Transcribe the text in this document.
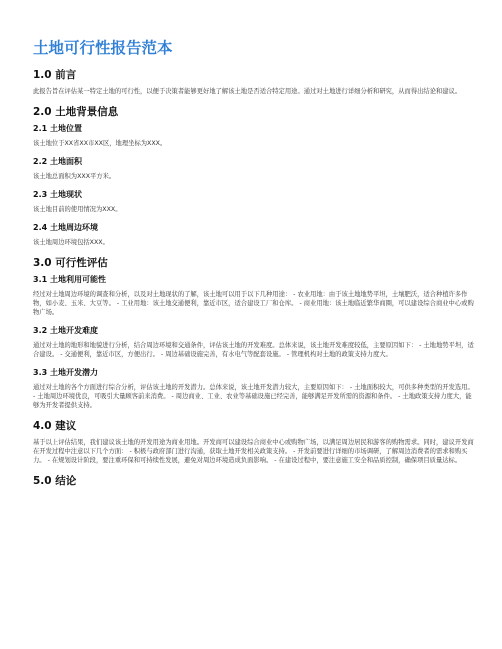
土地可行性报告范本
1.0 前言
此报告旨在评估某一特定土地的可行性，以便于决策者能够更好地了解该土地是否适合特定用途。通过对土地进行详细分析和研究，从而得出结论和建议。
2.0 土地背景信息
2.1 土地位置
该土地位于XX省XX市XX区，地理坐标为XXX。
2.2 土地面积
该土地总面积为XXX平方米。
2.3 土地现状
该土地目前的使用情况为XXX。
2.4 土地周边环境
该土地周边环境包括XXX。
3.0 可行性评估
3.1 土地利用可能性
经过对土地周边环境的调查和分析，以及对土地现状的了解，该土地可以用于以下几种用途： - 农业用地：由于该土地地势平坦，土壤肥沃，适合种植许多作物，如小麦、玉米、大豆等。 - 工业用地：该土地交通便利，靠近市区，适合建设工厂和仓库。 - 商业用地：该土地临近繁华商圈，可以建设综合商业中心或购物广场。
3.2 土地开发难度
通过对土地的地形和地貌进行分析，结合周边环境和交通条件，评估该土地的开发难度。总体来说，该土地开发难度较低，主要原因如下： - 土地地势平坦，适合建设。 - 交通便利，靠近市区，方便出行。 - 周边基础设施完善，有水电气等配套设施。 - 管理机构对土地的政策支持力度大。
3.3 土地开发潜力
通过对土地的各个方面进行综合分析，评估该土地的开发潜力。总体来说，该土地开发潜力较大，主要原因如下： - 土地面积较大，可供多种类型的开发选用。 - 土地周边环境优良，可吸引大量顾客前来消费。 - 周边商业、工业、农业等基础设施已经完善，能够满足开发所需的资源和条件。 - 土地政策支持力度大，能够为开发者提供支持。
4.0 建议
基于以上评估结果，我们建议该土地的开发用途为商业用地。开发商可以建设综合商业中心或购物广场，以满足周边居民和游客的购物需求。同时，建议开发商在开发过程中注意以下几个方面： - 积极与政府部门进行沟通，获取土地开发相关政策支持。 - 开发前要进行详细的市场调研，了解周边消费者的需求和购买力。 - 在规划设计阶段，要注重环保和可持续性发展，避免对周边环境造成负面影响。 - 在建设过程中，要注意施工安全和品质控制，确保项目质量达标。
5.0 结论
